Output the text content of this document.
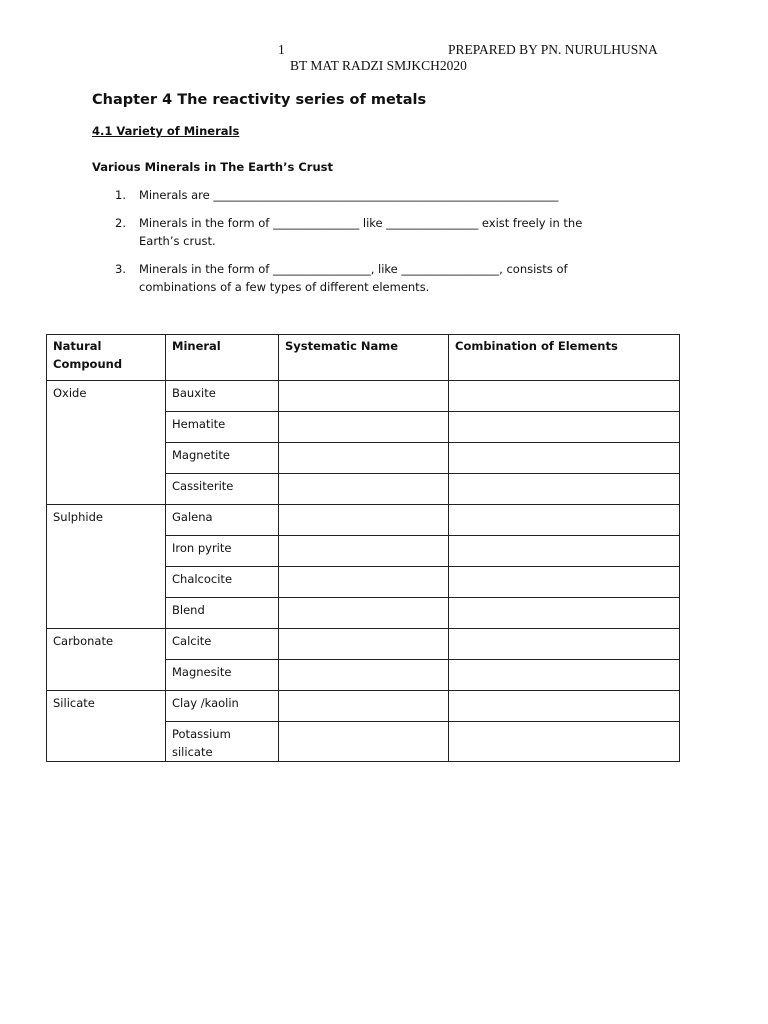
1	PREPARED BY PN. NURULHUSNA
BT MAT RADZI SMJKCH2020
Chapter 4 The reactivity series of metals
4.1 Variety of Minerals
Various Minerals in The Earth’s Crust
1. Minerals are ____________________________________________________________
2. Minerals in the form of _______________ like ________________ exist freely in the
Earth’s crust.
3. Minerals in the form of _________________, like _________________, consists of
combinations of a few types of different elements.
Natural Compound	Mineral	Systematic Name	Combination of Elements
Oxide	Bauxite		
	Hematite		
	Magnetite		
	Cassiterite		
Sulphide	Galena		
	Iron pyrite		
	Chalcocite		
	Blend		
Carbonate	Calcite		
	Magnesite		
Silicate	Clay /kaolin		
	Potassium silicate		
